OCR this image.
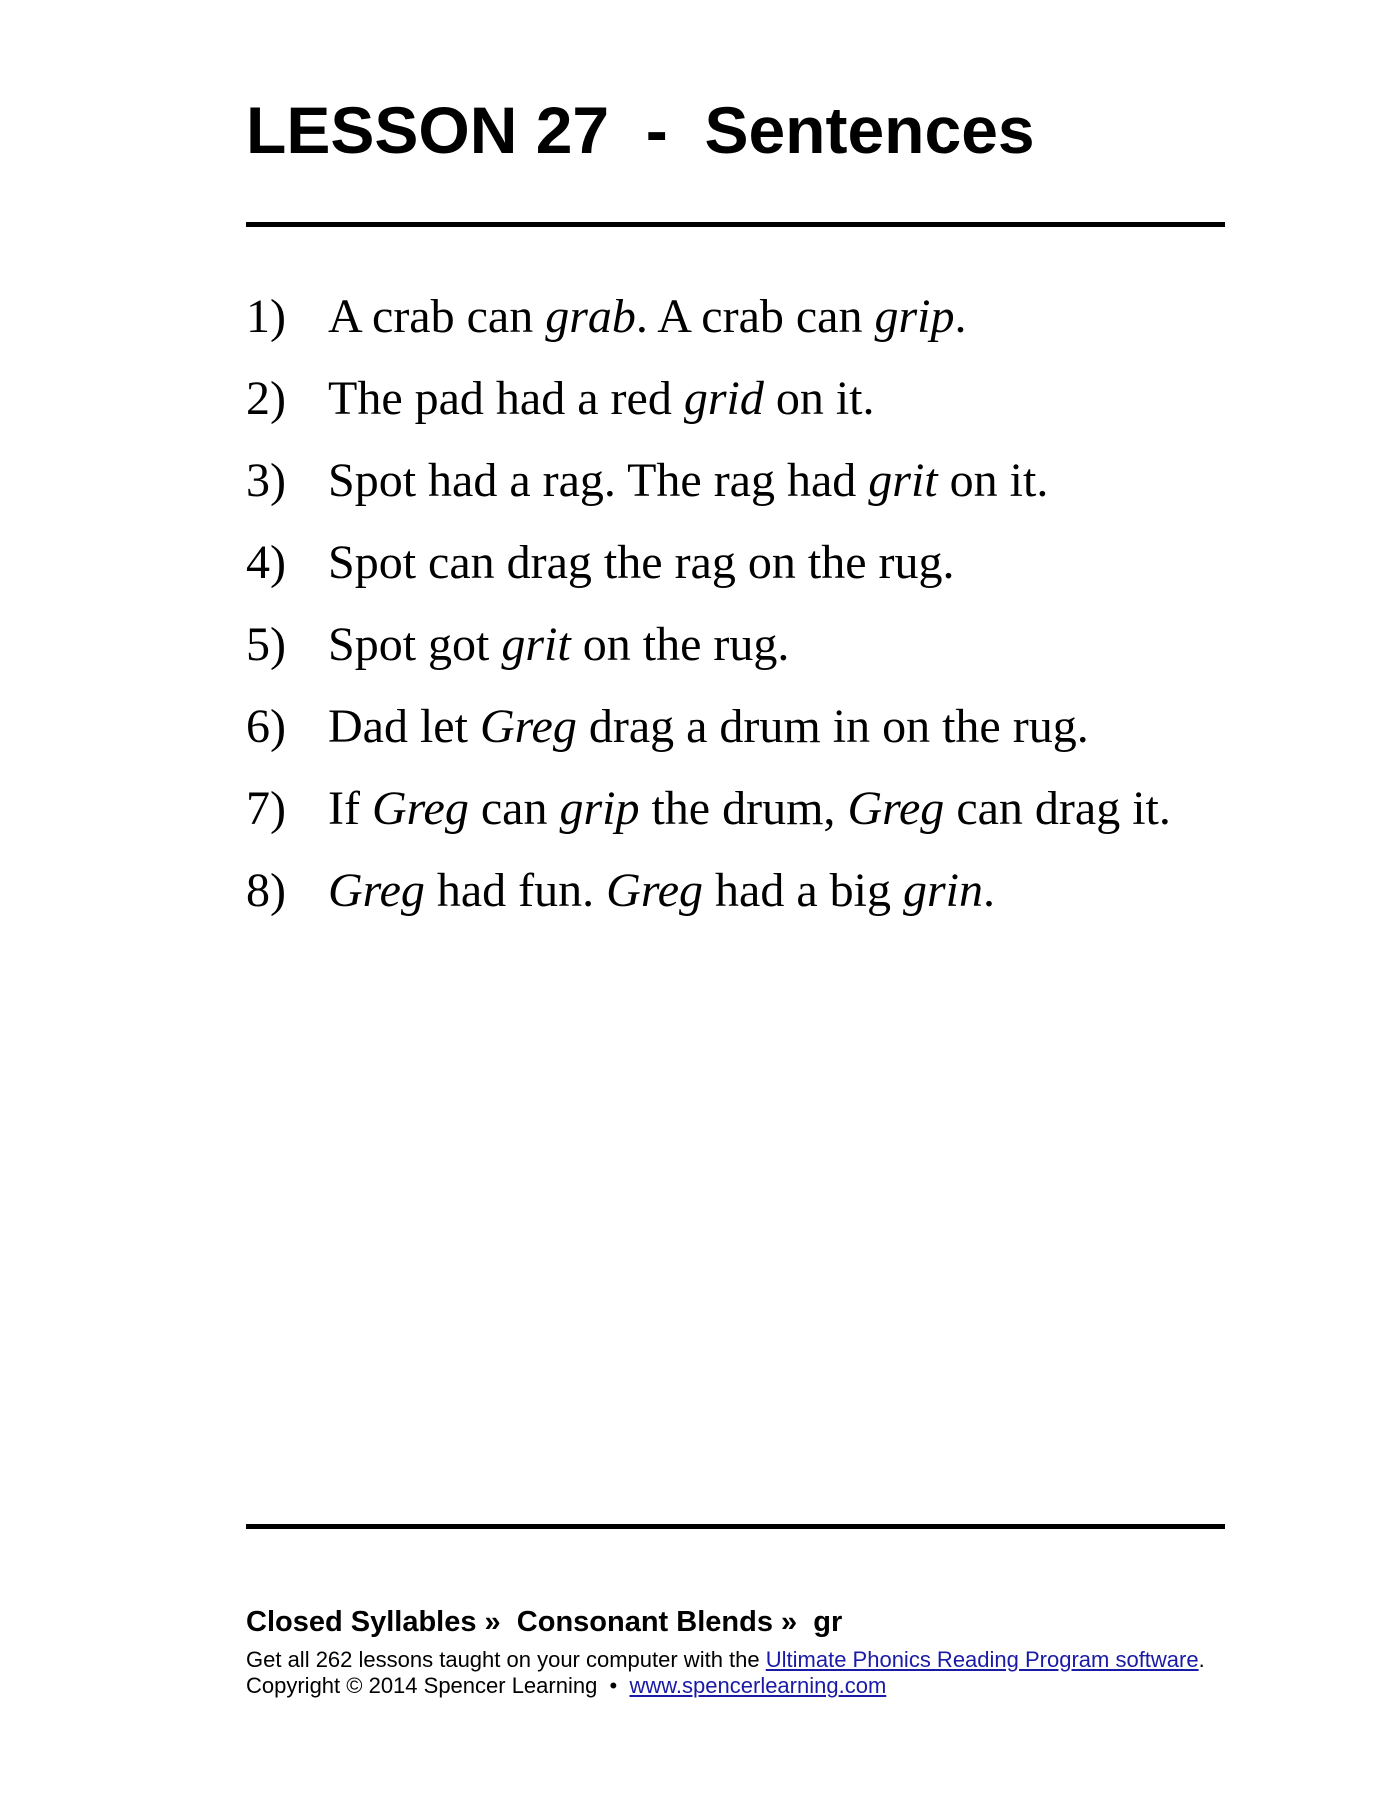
LESSON 27  -  Sentences
1) A crab can grab. A crab can grip.
2) The pad had a red grid on it.
3) Spot had a rag. The rag had grit on it.
4) Spot can drag the rag on the rug.
5) Spot got grit on the rug.
6) Dad let Greg drag a drum in on the rug.
7) If Greg can grip the drum, Greg can drag it.
8) Greg had fun. Greg had a big grin.

Closed Syllables »  Consonant Blends »  gr

Get all 262 lessons taught on your computer with the Ultimate Phonics Reading Program software.

Copyright © 2014 Spencer Learning  •  www.spencerlearning.com
